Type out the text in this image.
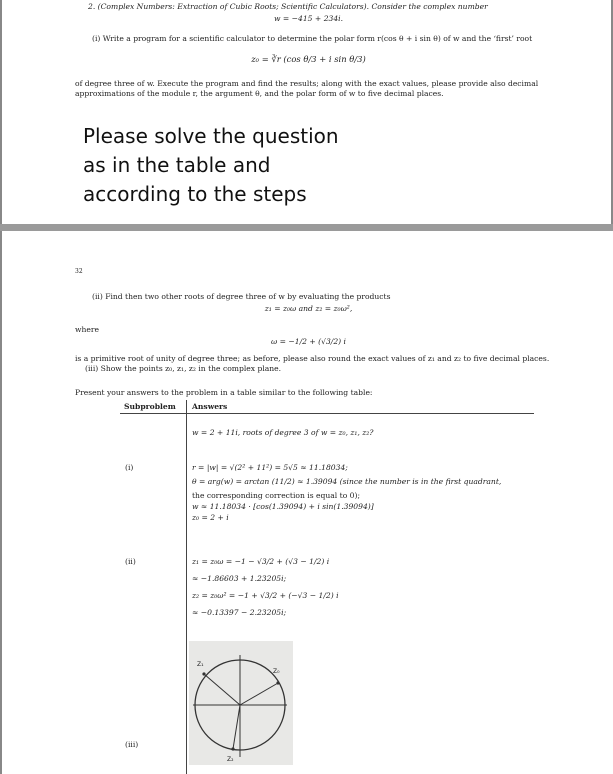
2. (Complex Numbers: Extraction of Cubic Roots; Scientific Calculators). Consider the complex number
w = −415 + 234i.
(i) Write a program for a scientific calculator to determine the polar form r(cos θ + i sin θ) of w and the ‘first’ root
z₀ = ∛r (cos θ/3 + i sin θ/3)
of degree three of w. Execute the program and find the results; along with the exact values, please provide also decimal
approximations of the module r, the argument θ, and the polar form of w to five decimal places.
Please solve the question
as in the table and
according to the steps
32
(ii) Find then two other roots of degree three of w by evaluating the products
z₁ = z₀ω and z₂ = z₀ω²,
where
ω = −1/2 + (√3/2) i
is a primitive root of unity of degree three; as before, please also round the exact values of z₁ and z₂ to five decimal places.
(iii) Show the points z₀, z₁, z₂ in the complex plane.
Present your answers to the problem in a table similar to the following table:
Subproblem Answers
w = 2 + 11i, roots of degree 3 of w = z₀, z₁, z₂?
(i)	r = |w| = √(2² + 11²) = 5√5 ≈ 11.18034;
θ = arg(w) = arctan (11/2) ≈ 1.39094 (since the number is in the first quadrant,
the corresponding correction is equal to 0);
w ≈ 11.18034 · [cos(1.39094) + i sin(1.39094)]
z₀ = 2 + i
(ii)	z₁ = z₀ω = −1 − √3/2 + (√3 − 1/2) i
≈ −1.86603 + 1.23205i;
z₂ = z₀ω² = −1 + √3/2 + (−√3 − 1/2) i
≈ −0.13397 − 2.23205i;
(iii)
Z₁
Z₀
Z₂
